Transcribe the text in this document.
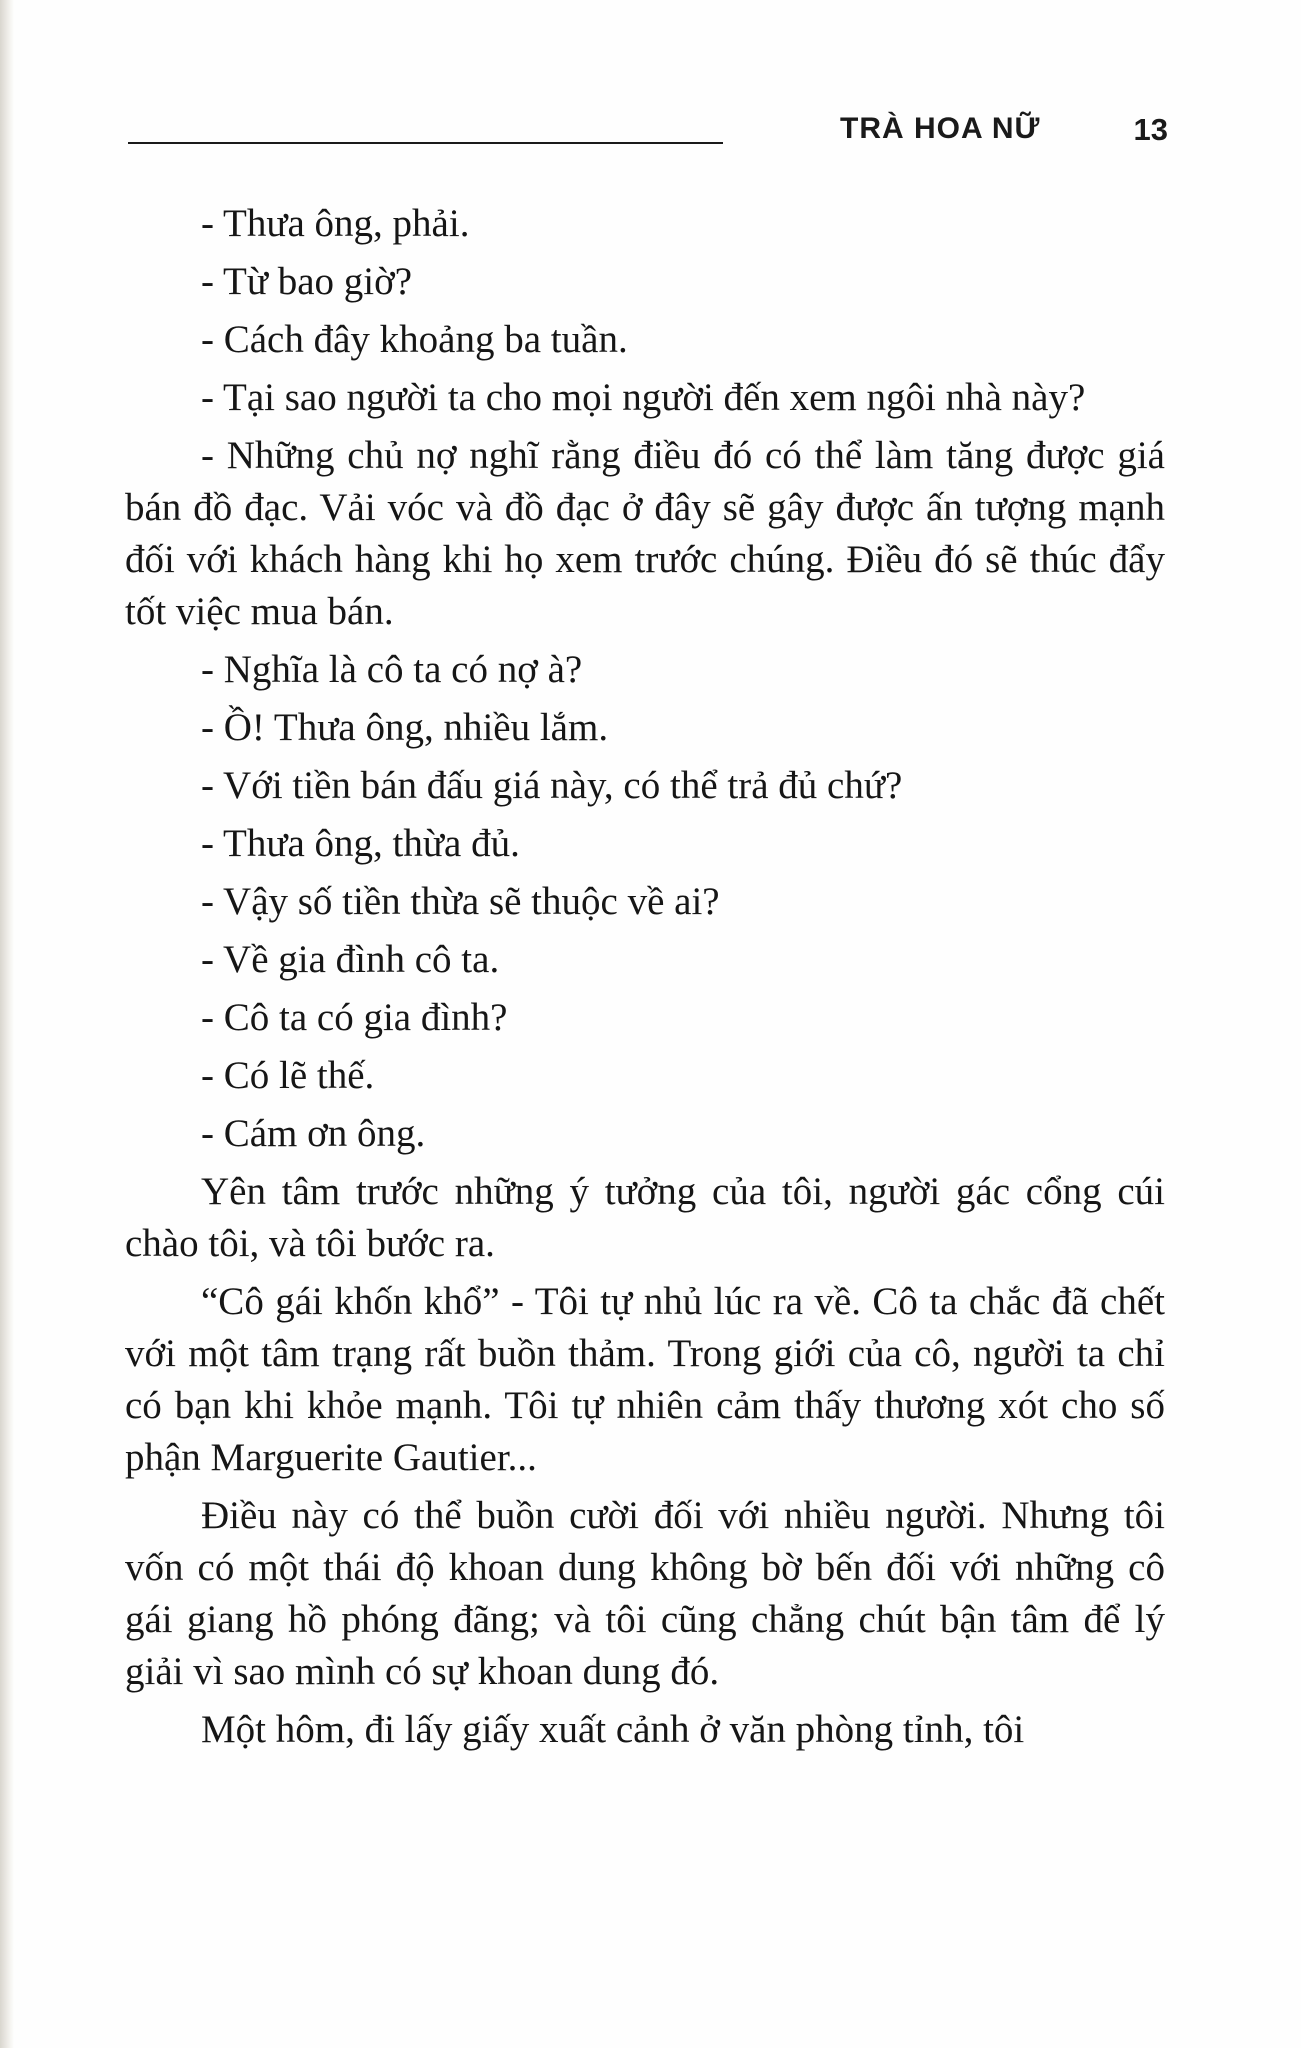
TRÀ HOA NỮ	13

- Thưa ông, phải.

- Từ bao giờ?

- Cách đây khoảng ba tuần.

- Tại sao người ta cho mọi người đến xem ngôi nhà này?

- Những chủ nợ nghĩ rằng điều đó có thể làm tăng được giá bán đồ đạc. Vải vóc và đồ đạc ở đây sẽ gây được ấn tượng mạnh đối với khách hàng khi họ xem trước chúng. Điều đó sẽ thúc đẩy tốt việc mua bán.

- Nghĩa là cô ta có nợ à?

- Ồ! Thưa ông, nhiều lắm.

- Với tiền bán đấu giá này, có thể trả đủ chứ?

- Thưa ông, thừa đủ.

- Vậy số tiền thừa sẽ thuộc về ai?

- Về gia đình cô ta.

- Cô ta có gia đình?

- Có lẽ thế.

- Cám ơn ông.

Yên tâm trước những ý tưởng của tôi, người gác cổng cúi chào tôi, và tôi bước ra.

“Cô gái khốn khổ” - Tôi tự nhủ lúc ra về. Cô ta chắc đã chết với một tâm trạng rất buồn thảm. Trong giới của cô, người ta chỉ có bạn khi khỏe mạnh. Tôi tự nhiên cảm thấy thương xót cho số phận Marguerite Gautier...

Điều này có thể buồn cười đối với nhiều người. Nhưng tôi vốn có một thái độ khoan dung không bờ bến đối với những cô gái giang hồ phóng đãng; và tôi cũng chẳng chút bận tâm để lý giải vì sao mình có sự khoan dung đó.

Một hôm, đi lấy giấy xuất cảnh ở văn phòng tỉnh, tôi
